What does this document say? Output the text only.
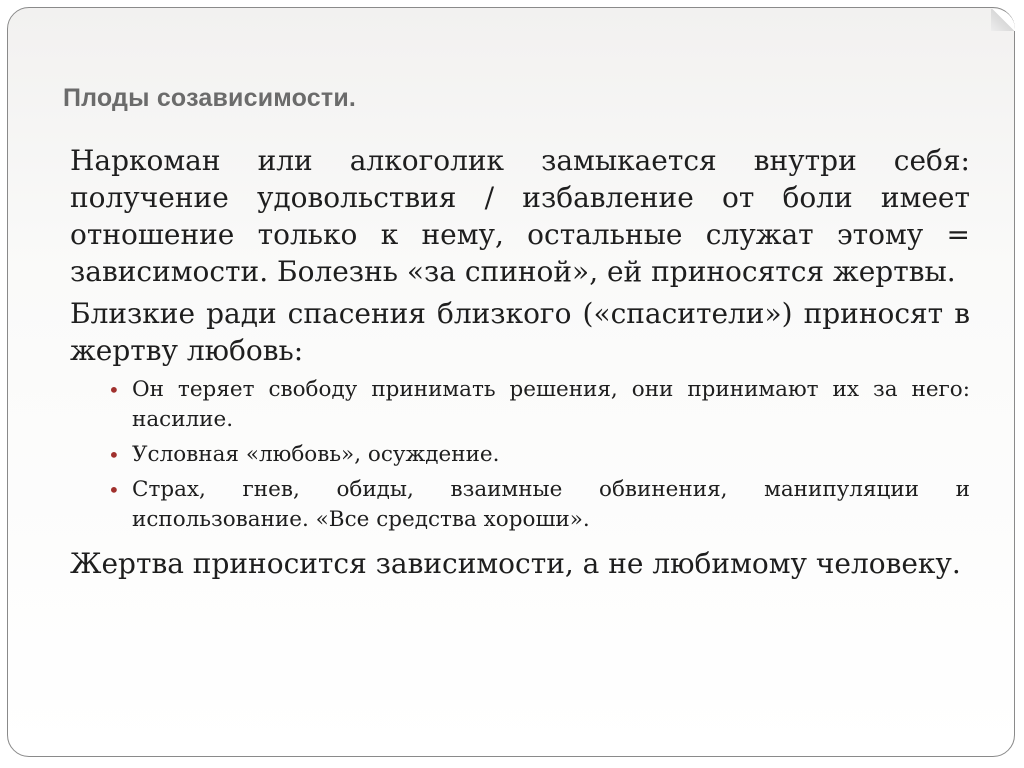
Плоды созависимости.

Наркоман или алкоголик замыкается внутри себя: получение удовольствия / избавление от боли имеет отношение только к нему, остальные служат этому = зависимости. Болезнь «за спиной», ей приносятся жертвы.

Близкие ради спасения близкого («спасители») приносят в жертву любовь:

• Он теряет свободу принимать решения, они принимают их за него: насилие.
• Условная «любовь», осуждение.
• Страх, гнев, обиды, взаимные обвинения, манипуляции и использование. «Все средства хороши».

Жертва приносится зависимости, а не любимому человеку.
